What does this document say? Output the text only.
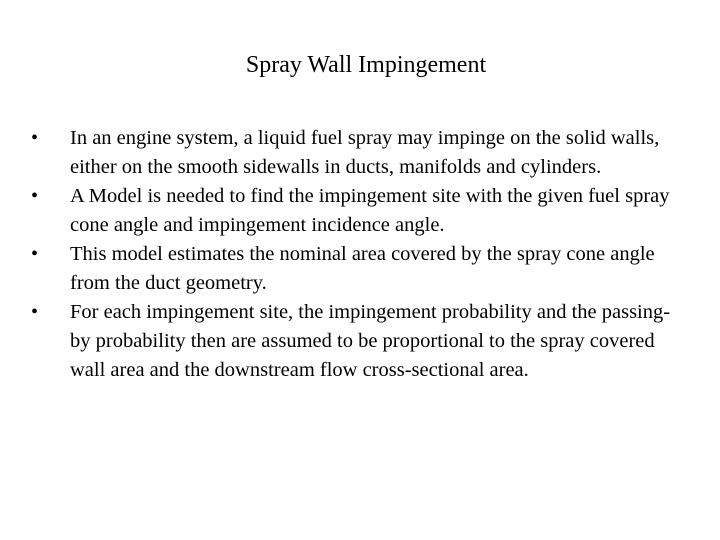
Spray Wall Impingement
• In an engine system, a liquid fuel spray may impinge on the solid walls, either on the smooth sidewalls in ducts, manifolds and cylinders.
• A Model is needed to find the impingement site with the given fuel spray cone angle and impingement incidence angle.
• This model estimates the nominal area covered by the spray cone angle from the duct geometry.
• For each impingement site, the impingement probability and the passing-by probability then are assumed to be proportional to the spray covered wall area and the downstream flow cross-sectional area.
